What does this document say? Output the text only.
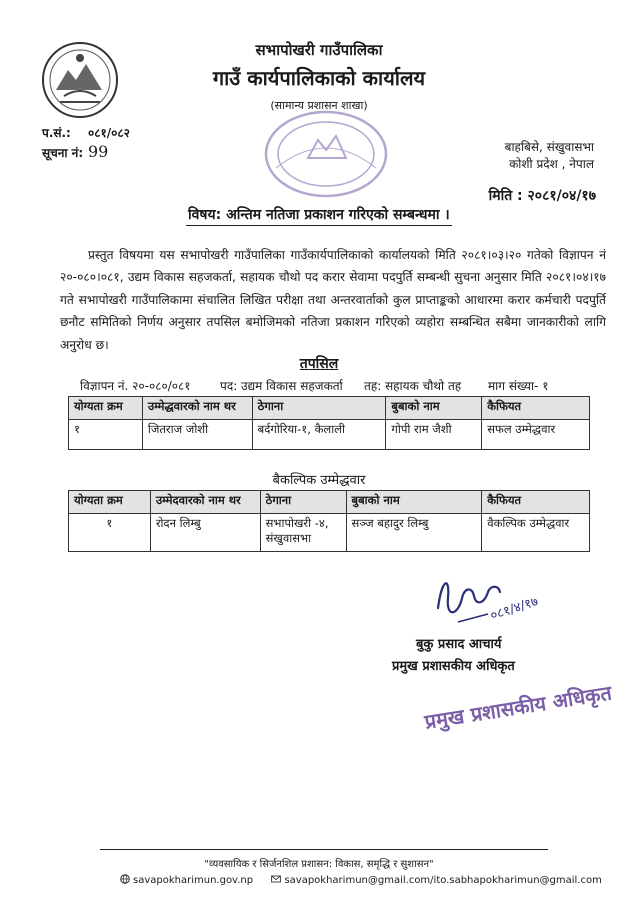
सभापोखरी गाउँपालिका
गाउँ कार्यपालिकाको कार्यालय
(सामान्य प्रशासन शाखा)
प.सं.: ०८१/०८२
सूचना नं: 99	बाहबिसे, संखुवासभा
कोशी प्रदेश , नेपाल
मिति : २०८१/०४/१७
विषय: अन्तिम नतिजा प्रकाशन गरिएको सम्बन्धमा ।
प्रस्तुत विषयमा यस सभापोखरी गाउँपालिका गाउँकार्यपालिकाको कार्यालयको मिति २०८१।०३।२० गतेको विज्ञापन नं २०-०८०।०८१, उद्यम विकास सहजकर्ता, सहायक चौथो पद करार सेवामा पदपुर्ति सम्बन्धी सुचना अनुसार मिति २०८१।०४।१७ गते सभापोखरी गाउँपालिकामा संचालित लिखित परीक्षा तथा अन्तरवार्ताको कुल प्राप्ताङ्कको आधारमा करार कर्मचारी पदपुर्ति छनौट समितिको निर्णय अनुसार तपसिल बमोजिमको नतिजा प्रकाशन गरिएको व्यहोरा सम्बन्धित सबैमा जानकारीको लागि अनुरोध छ।
तपसिल
विज्ञापन नं. २०-०८०/०८१ पद: उद्यम विकास सहजकर्ता तह: सहायक चौथो तह माग संख्या- १
योग्यता क्रम	उम्मेद्धवारको नाम थर	ठेगाना	बुबाको नाम	कैफियत
१	जितराज जोशी	बर्दगोरिया-१, कैलाली	गोपी राम जैशी	सफल उम्मेद्धवार
बैकल्पिक उम्मेद्धवार
योग्यता क्रम	उम्मेदवारको नाम थर	ठेगाना	बुबाको नाम	कैफियत
१	रोदन लिम्बु	सभापोखरी -४, संखुवासभा	सञ्ज बहादुर लिम्बु	वैकल्पिक उम्मेद्धवार
०८१/४/१७
बुकु प्रसाद आचार्य
प्रमुख प्रशासकीय अधिकृत
प्रमुख प्रशासकीय अधिकृत
"व्यवसायिक र सिर्जनशिल प्रशासन: विकास, समृद्धि र सुशासन"
savapokharimun.gov.np	savapokharimun@gmail.com/ito.sabhapokharimun@gmail.com
